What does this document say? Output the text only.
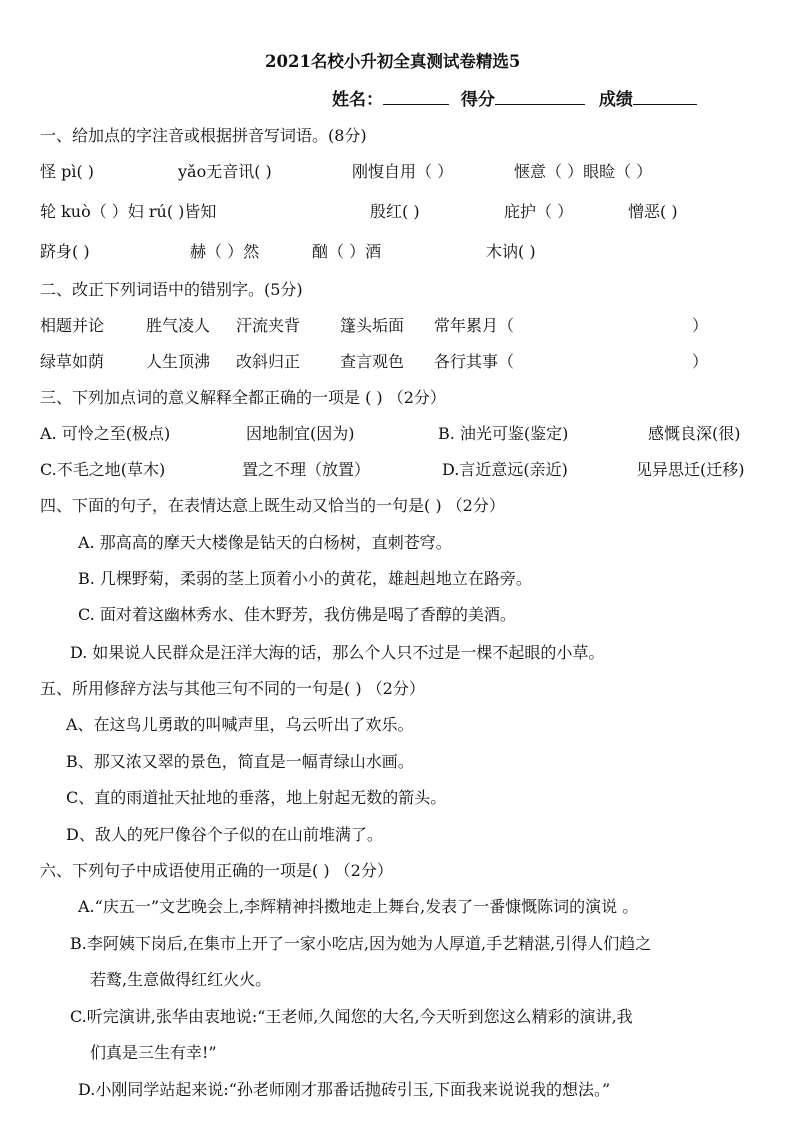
2021名校小升初全真测试卷精选5
姓名：	得分	成绩
一、给加点的字注音或根据拼音写词语。(8分)
怪 pì( )	yǎo无音讯( )	刚愎自用（ ）	惬意（ ）眼睑（ ）
轮 kuò（ ）妇 rú( )皆知	殷红( )	庇护（ ）	憎恶( )
跻身( )	赫（ ）然	酗（ ）酒	木讷( )
二、改正下列词语中的错别字。(5分)
相题并论	胜气凌人 汗流夹背 篷头垢面 常年累月（	）
绿草如荫	人生顶沸 改斜归正 查言观色 各行其事（	）
三、下列加点词的意义解释全都正确的一项是 ( ) （2分）
A. 可怜之至(极点)	因地制宜(因为)	B. 油光可鉴(鉴定)	感慨良深(很)
C.不毛之地(草木)	置之不理（放置）	D.言近意远(亲近)	见异思迁(迁移)
四、下面的句子，在表情达意上既生动又恰当的一句是( ) （2分）
A. 那高高的摩天大楼像是钻天的白杨树，直刺苍穹。
B. 几棵野菊，柔弱的茎上顶着小小的黄花，雄赳赳地立在路旁。
C. 面对着这幽林秀水、佳木野芳，我仿佛是喝了香醇的美酒。
D. 如果说人民群众是汪洋大海的话，那么个人只不过是一棵不起眼的小草。
五、所用修辞方法与其他三句不同的一句是( ) （2分）
A、在这鸟儿勇敢的叫喊声里，乌云听出了欢乐。
B、那又浓又翠的景色，简直是一幅青绿山水画。
C、直的雨道扯天扯地的垂落，地上射起无数的箭头。
D、敌人的死尸像谷个子似的在山前堆满了。
六、下列句子中成语使用正确的一项是( ) （2分）
A.“庆五一”文艺晚会上,李辉精神抖擞地走上舞台,发表了一番慷慨陈词的演说 。
B.李阿姨下岗后,在集市上开了一家小吃店,因为她为人厚道,手艺精湛,引得人们趋之
若鹜,生意做得红红火火。
C.听完演讲,张华由衷地说:“王老师,久闻您的大名,今天听到您这么精彩的演讲,我
们真是三生有幸!”
D.小刚同学站起来说:“孙老师刚才那番话抛砖引玉,下面我来说说我的想法。”
